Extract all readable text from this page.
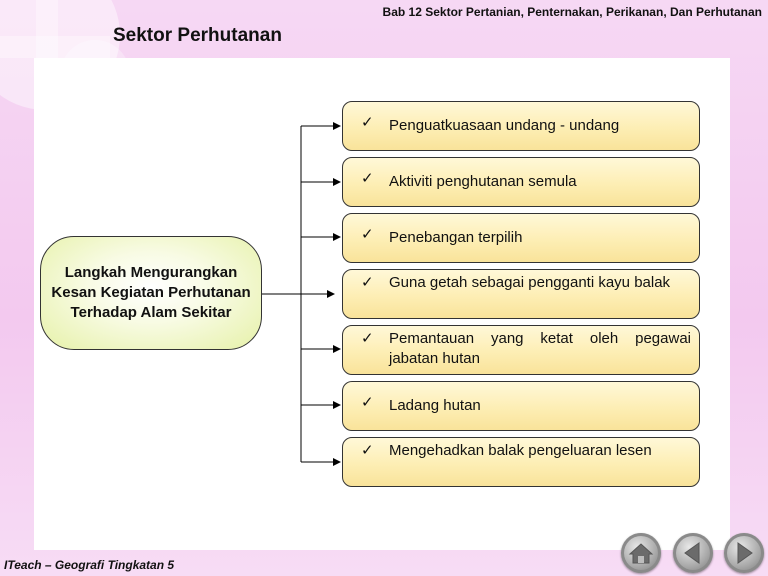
Bab 12 Sektor Pertanian, Penternakan, Perikanan, Dan Perhutanan
Sektor Perhutanan
Langkah Mengurangkan Kesan Kegiatan Perhutanan Terhadap Alam Sekitar
✓	Penguatkuasaan undang - undang
✓	Aktiviti penghutanan semula
✓	Penebangan terpilih
✓	Guna getah sebagai pengganti kayu balak
✓	Pemantauan yang ketat oleh pegawai jabatan hutan
✓	Ladang hutan
✓	Mengehadkan balak pengeluaran lesen
ITeach – Geografi Tingkatan 5
